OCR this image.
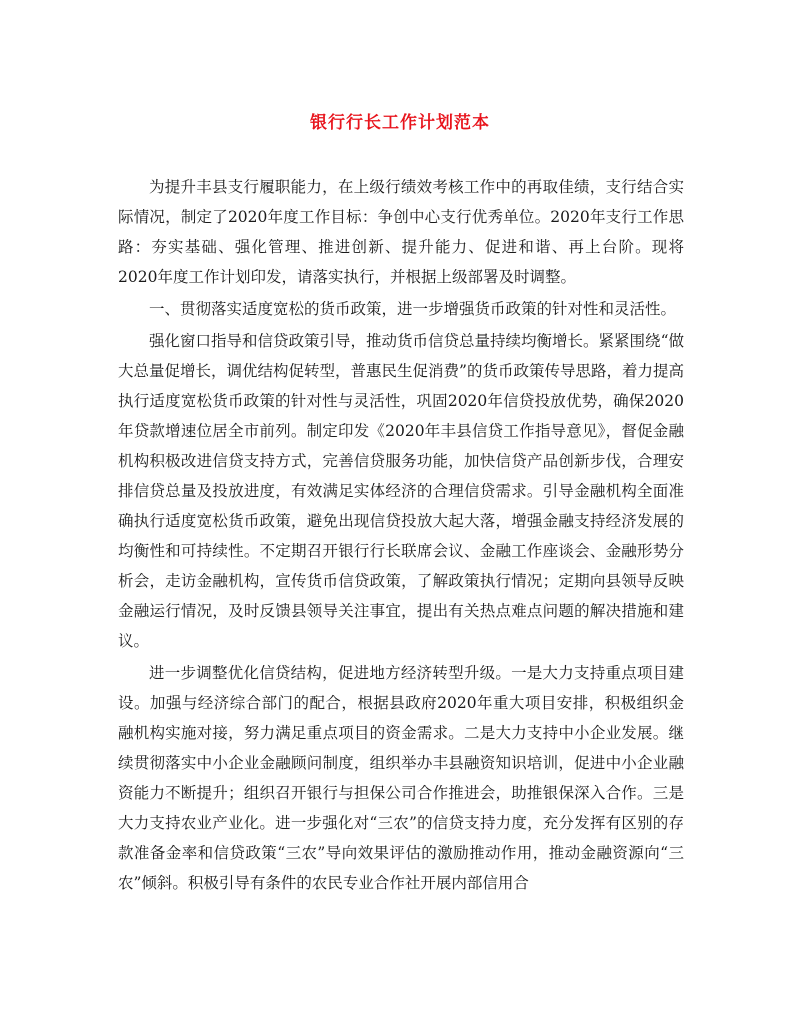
银行行长工作计划范本

为提升丰县支行履职能力，在上级行绩效考核工作中的再取佳绩，支行结合实际情况，制定了2020年度工作目标：争创中心支行优秀单位。2020年支行工作思路：夯实基础、强化管理、推进创新、提升能力、促进和谐、再上台阶。现将2020年度工作计划印发，请落实执行，并根据上级部署及时调整。

一、贯彻落实适度宽松的货币政策，进一步增强货币政策的针对性和灵活性。

强化窗口指导和信贷政策引导，推动货币信贷总量持续均衡增长。紧紧围绕“做大总量促增长，调优结构促转型，普惠民生促消费”的货币政策传导思路，着力提高执行适度宽松货币政策的针对性与灵活性，巩固2020年信贷投放优势，确保2020年贷款增速位居全市前列。制定印发《2020年丰县信贷工作指导意见》，督促金融机构积极改进信贷支持方式，完善信贷服务功能，加快信贷产品创新步伐，合理安排信贷总量及投放进度，有效满足实体经济的合理信贷需求。引导金融机构全面准确执行适度宽松货币政策，避免出现信贷投放大起大落，增强金融支持经济发展的均衡性和可持续性。不定期召开银行行长联席会议、金融工作座谈会、金融形势分析会，走访金融机构，宣传货币信贷政策，了解政策执行情况；定期向县领导反映金融运行情况，及时反馈县领导关注事宜，提出有关热点难点问题的解决措施和建议。

进一步调整优化信贷结构，促进地方经济转型升级。一是大力支持重点项目建设。加强与经济综合部门的配合，根据县政府2020年重大项目安排，积极组织金融机构实施对接，努力满足重点项目的资金需求。二是大力支持中小企业发展。继续贯彻落实中小企业金融顾问制度，组织举办丰县融资知识培训，促进中小企业融资能力不断提升；组织召开银行与担保公司合作推进会，助推银保深入合作。三是大力支持农业产业化。进一步强化对“三农”的信贷支持力度，充分发挥有区别的存款准备金率和信贷政策“三农”导向效果评估的激励推动作用，推动金融资源向“三农”倾斜。积极引导有条件的农民专业合作社开展内部信用合
